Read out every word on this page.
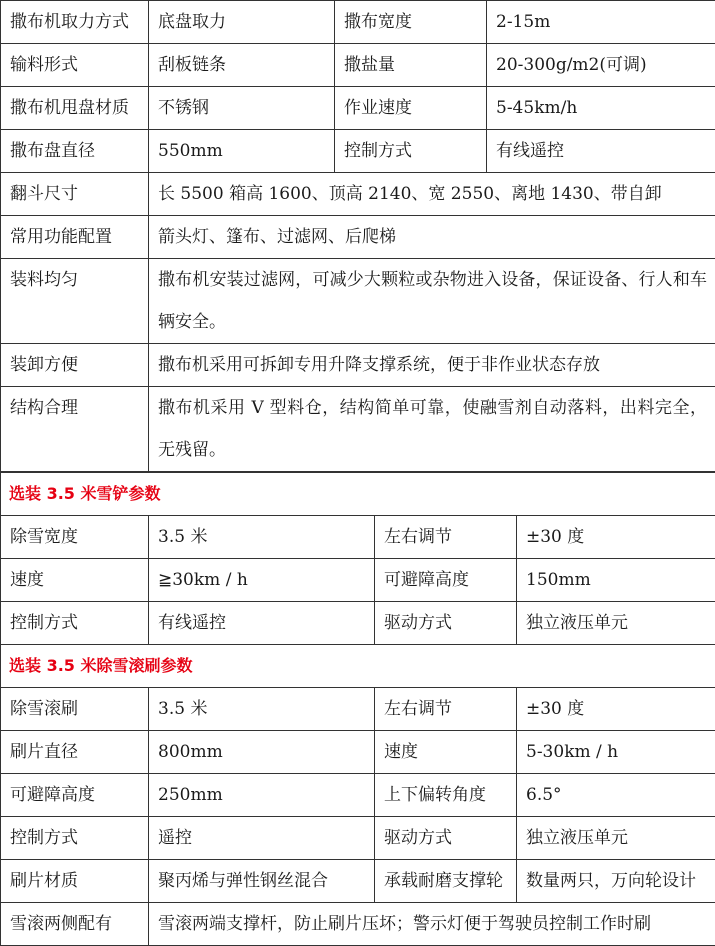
撒布机取力方式	底盘取力	撒布宽度	2-15m
输料形式	刮板链条	撒盐量	20-300g/m2(可调)
撒布机甩盘材质	不锈钢	作业速度	5-45km/h
撒布盘直径	550mm	控制方式	有线遥控
翻斗尺寸	长 5500 箱高 1600、顶高 2140、宽 2550、离地 1430、带自卸		
常用功能配置	箭头灯、篷布、过滤网、后爬梯		
装料均匀	撒布机安装过滤网，可减少大颗粒或杂物进入设备，保证设备、行人和车辆安全。		
装卸方便	撒布机采用可拆卸专用升降支撑系统，便于非作业状态存放		
结构合理	撒布机采用 V 型料仓，结构简单可靠，使融雪剂自动落料，出料完全，无残留。		
选装 3.5 米雪铲参数			
除雪宽度	3.5 米	左右调节	±30 度
速度	≧30km / h	可避障高度	150mm
控制方式	有线遥控	驱动方式	独立液压单元
选装 3.5 米除雪滚刷参数			
除雪滚刷	3.5 米	左右调节	±30 度
刷片直径	800mm	速度	5-30km / h
可避障高度	250mm	上下偏转角度	6.5°
控制方式	遥控	驱动方式	独立液压单元
刷片材质	聚丙烯与弹性钢丝混合	承载耐磨支撑轮	数量两只，万向轮设计
雪滚两侧配有	雪滚两端支撑杆，防止刷片压坏；警示灯便于驾驶员控制工作时刷		
